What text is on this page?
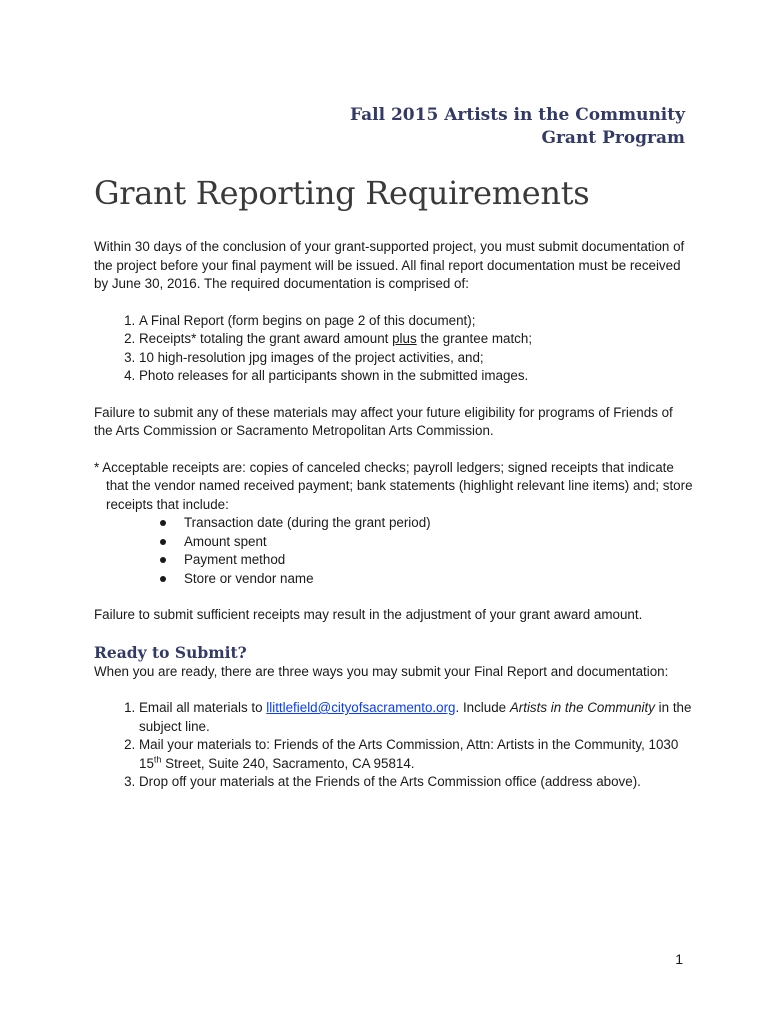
Fall 2015 Artists in the Community
Grant Program
Grant Reporting Requirements

Within 30 days of the conclusion of your grant-supported project, you must submit documentation of the project before your final payment will be issued. All final report documentation must be received by June 30, 2016. The required documentation is comprised of:

1. A Final Report (form begins on page 2 of this document);
2. Receipts* totaling the grant award amount plus the grantee match;
3. 10 high-resolution jpg images of the project activities, and;
4. Photo releases for all participants shown in the submitted images.

Failure to submit any of these materials may affect your future eligibility for programs of Friends of the Arts Commission or Sacramento Metropolitan Arts Commission.

* Acceptable receipts are: copies of canceled checks; payroll ledgers; signed receipts that indicate that the vendor named received payment; bank statements (highlight relevant line items) and; store receipts that include:

Transaction date (during the grant period)
Amount spent
Payment method
Store or vendor name

Failure to submit sufficient receipts may result in the adjustment of your grant award amount.

Ready to Submit?

When you are ready, there are three ways you may submit your Final Report and documentation:

1. Email all materials to llittlefield@cityofsacramento.org. Include Artists in the Community in the subject line.
2. Mail your materials to: Friends of the Arts Commission, Attn: Artists in the Community, 1030 15th Street, Suite 240, Sacramento, CA 95814.
3. Drop off your materials at the Friends of the Arts Commission office (address above).
1
